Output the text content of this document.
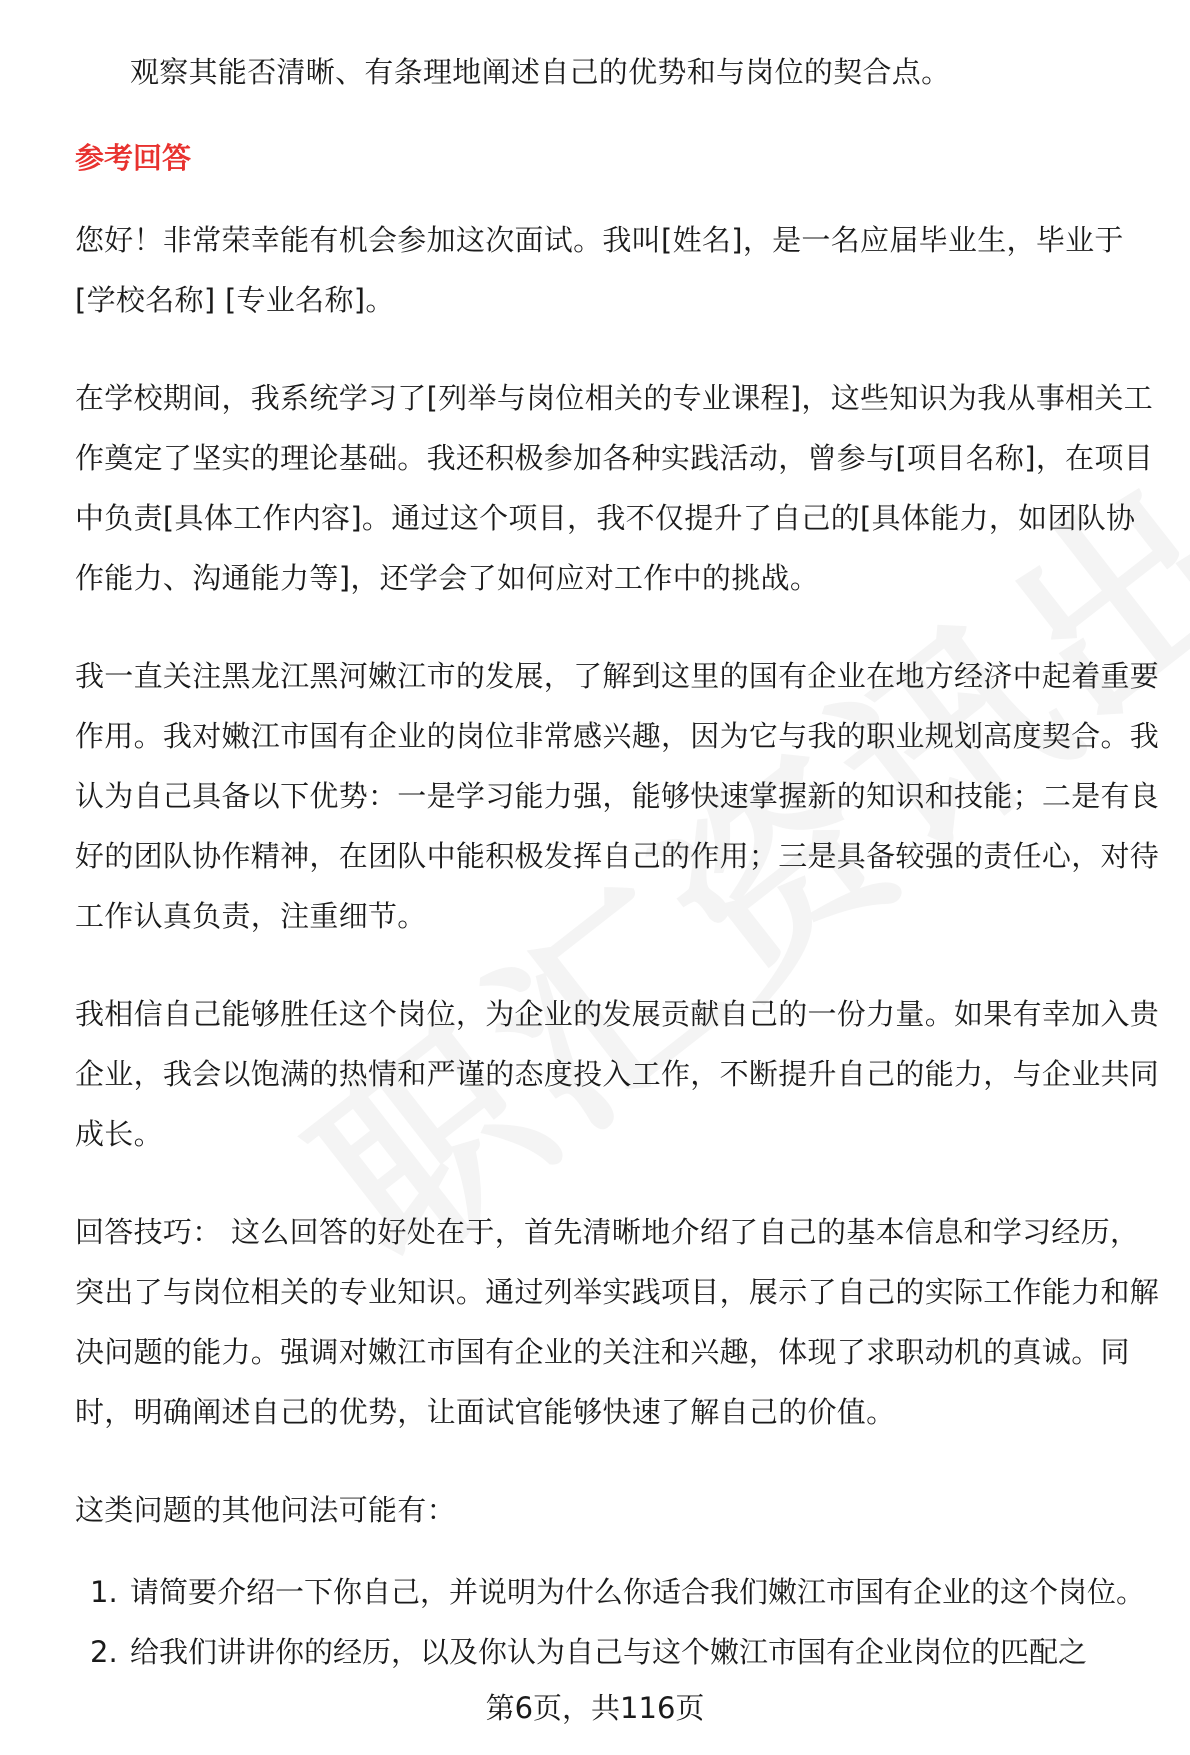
观察其能否清晰、有条理地阐述自己的优势和与岗位的契合点。

参考回答

您好！非常荣幸能有机会参加这次面试。我叫[姓名]，是一名应届毕业生，毕业于[学校名称] [专业名称]。

在学校期间，我系统学习了[列举与岗位相关的专业课程]，这些知识为我从事相关工作奠定了坚实的理论基础。我还积极参加各种实践活动，曾参与[项目名称]，在项目中负责[具体工作内容]。通过这个项目，我不仅提升了自己的[具体能力，如团队协作能力、沟通能力等]，还学会了如何应对工作中的挑战。

我一直关注黑龙江黑河嫩江市的发展，了解到这里的国有企业在地方经济中起着重要作用。我对嫩江市国有企业的岗位非常感兴趣，因为它与我的职业规划高度契合。我认为自己具备以下优势：一是学习能力强，能够快速掌握新的知识和技能；二是有良好的团队协作精神，在团队中能积极发挥自己的作用；三是具备较强的责任心，对待工作认真负责，注重细节。

我相信自己能够胜任这个岗位，为企业的发展贡献自己的一份力量。如果有幸加入贵企业，我会以饱满的热情和严谨的态度投入工作，不断提升自己的能力，与企业共同成长。

回答技巧： 这么回答的好处在于，首先清晰地介绍了自己的基本信息和学习经历，突出了与岗位相关的专业知识。通过列举实践项目，展示了自己的实际工作能力和解决问题的能力。强调对嫩江市国有企业的关注和兴趣，体现了求职动机的真诚。同时，明确阐述自己的优势，让面试官能够快速了解自己的价值。

这类问题的其他问法可能有：

1. 请简要介绍一下你自己，并说明为什么你适合我们嫩江市国有企业的这个岗位。
2. 给我们讲讲你的经历，以及你认为自己与这个嫩江市国有企业岗位的匹配之
第6页，共116页
